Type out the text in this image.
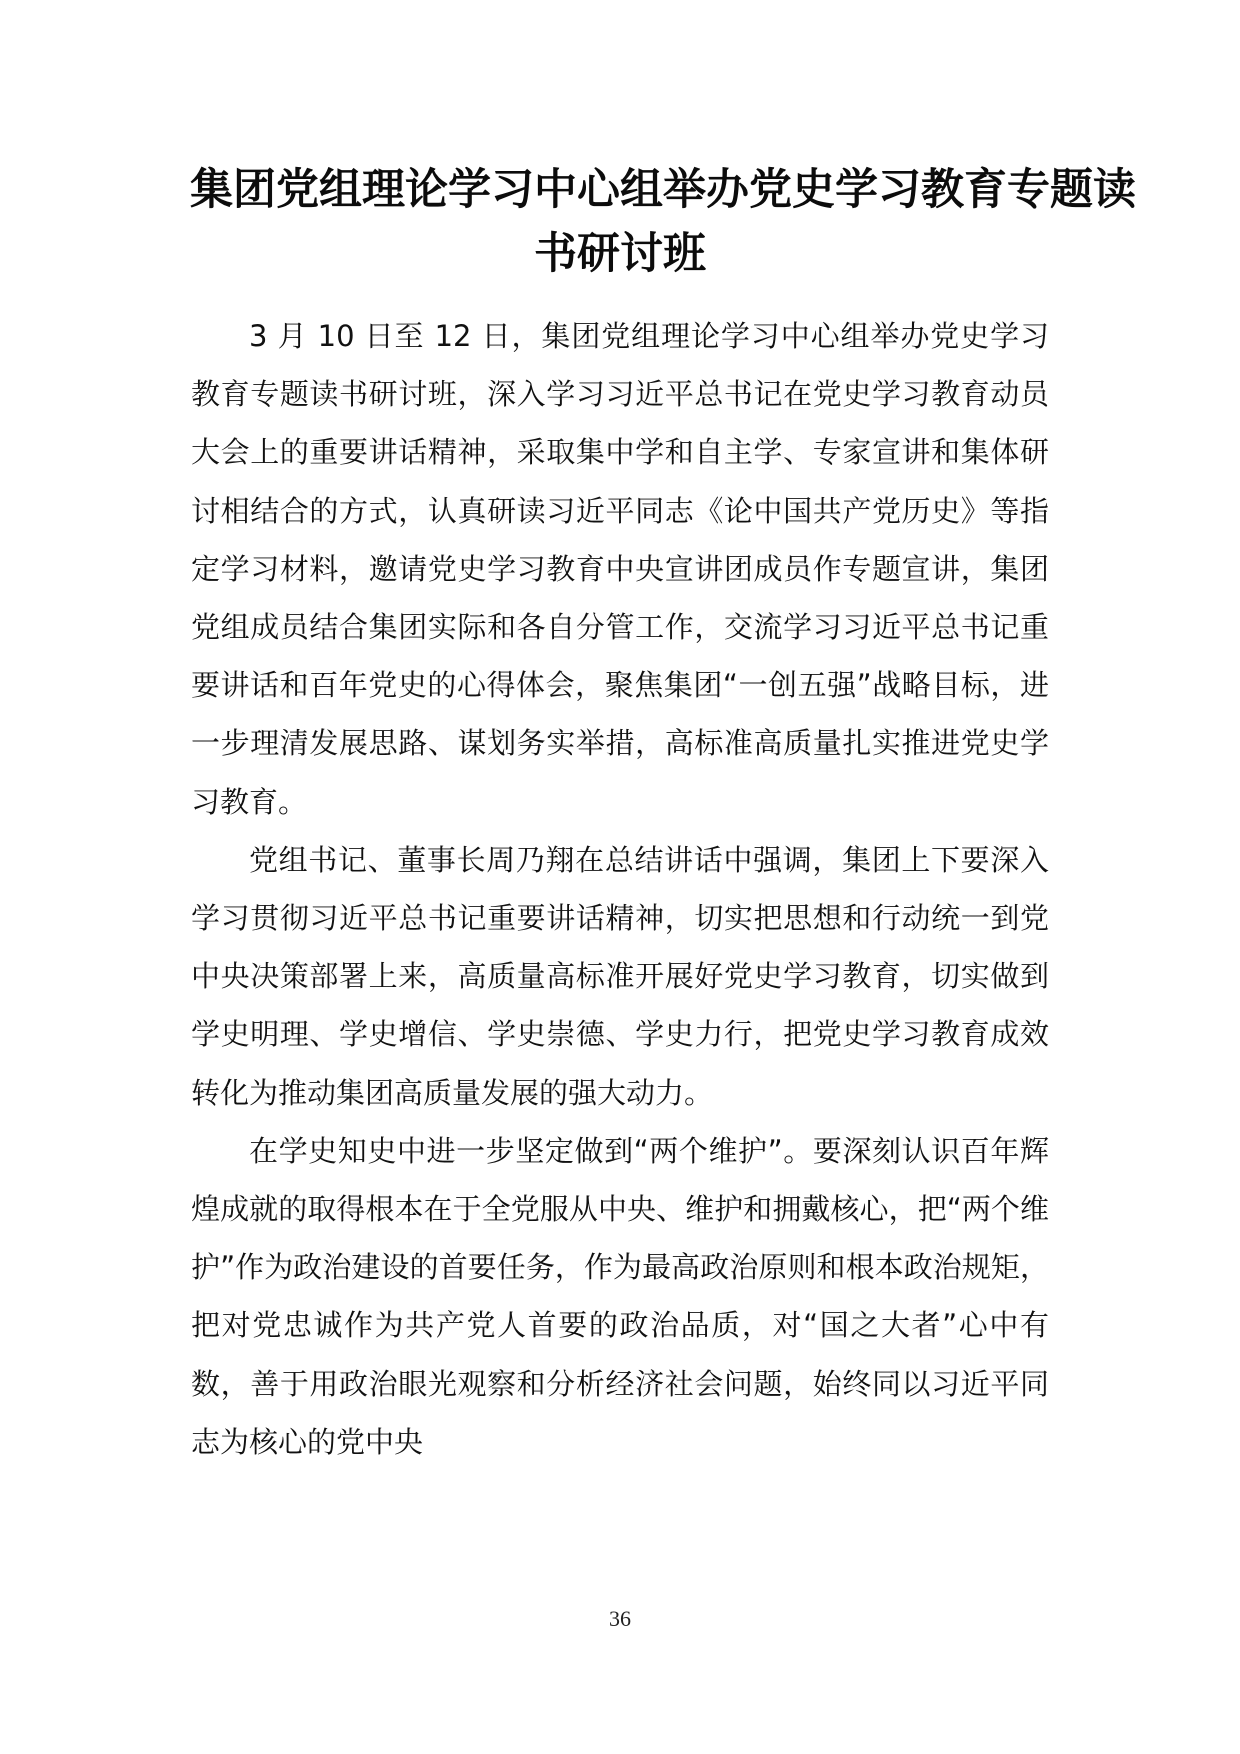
集团党组理论学习中心组举办党史学习教育专题读
书研讨班

3 月 10 日至 12 日，集团党组理论学习中心组举办党史学习教育专题读书研讨班，深入学习习近平总书记在党史学习教育动员大会上的重要讲话精神，采取集中学和自主学、专家宣讲和集体研讨相结合的方式，认真研读习近平同志《论中国共产党历史》等指定学习材料，邀请党史学习教育中央宣讲团成员作专题宣讲，集团党组成员结合集团实际和各自分管工作，交流学习习近平总书记重要讲话和百年党史的心得体会，聚焦集团“一创五强”战略目标，进一步理清发展思路、谋划务实举措，高标准高质量扎实推进党史学习教育。

党组书记、董事长周乃翔在总结讲话中强调，集团上下要深入学习贯彻习近平总书记重要讲话精神，切实把思想和行动统一到党中央决策部署上来，高质量高标准开展好党史学习教育，切实做到学史明理、学史增信、学史崇德、学史力行，把党史学习教育成效转化为推动集团高质量发展的强大动力。

在学史知史中进一步坚定做到“两个维护”。要深刻认识百年辉煌成就的取得根本在于全党服从中央、维护和拥戴核心，把“两个维护”作为政治建设的首要任务，作为最高政治原则和根本政治规矩，把对党忠诚作为共产党人首要的政治品质，对“国之大者”心中有数，善于用政治眼光观察和分析经济社会问题，始终同以习近平同志为核心的党中央

36
